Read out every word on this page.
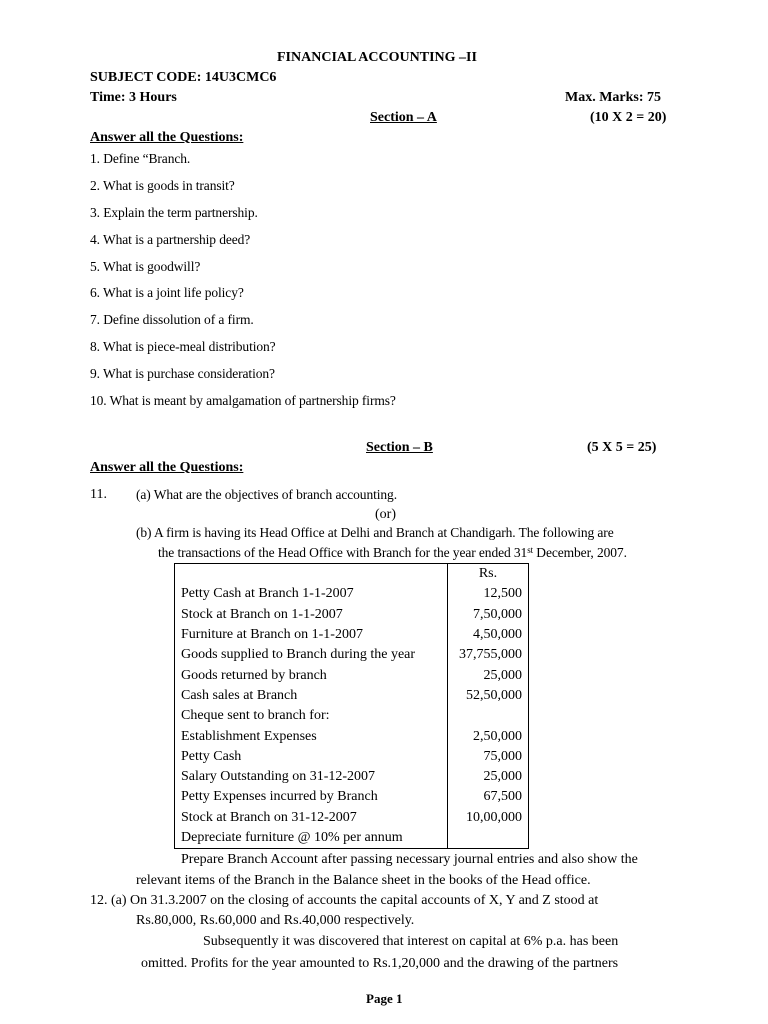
FINANCIAL ACCOUNTING –II
SUBJECT CODE: 14U3CMC6
Time: 3 Hours	Max. Marks: 75
Section – A	(10 X 2 = 20)
Answer all the Questions:
1. Define “Branch.
2. What is goods in transit?
3. Explain the term partnership.
4. What is a partnership deed?
5. What is goodwill?
6. What is a joint life policy?
7. Define dissolution of a firm.
8. What is piece-meal distribution?
9. What is purchase consideration?
10. What is meant by amalgamation of partnership firms?
Section – B	(5 X 5 = 25)
Answer all the Questions:
11. (a) What are the objectives of branch accounting.
(or)
(b) A firm is having its Head Office at Delhi and Branch at Chandigarh. The following are
the transactions of the Head Office with Branch for the year ended 31st December, 2007.
	Rs.
Petty Cash at Branch 1-1-2007	12,500
Stock at Branch on 1-1-2007	7,50,000
Furniture at Branch on 1-1-2007	4,50,000
Goods supplied to Branch during the year	37,755,000
Goods returned by branch	25,000
Cash sales at Branch	52,50,000
Cheque sent to branch for:	
Establishment Expenses	2,50,000
Petty Cash	75,000
Salary Outstanding on 31-12-2007	25,000
Petty Expenses incurred by Branch	67,500
Stock at Branch on 31-12-2007	10,00,000
Depreciate furniture @ 10% per annum	
Prepare Branch Account after passing necessary journal entries and also show the
relevant items of the Branch in the Balance sheet in the books of the Head office.
12. (a) On 31.3.2007 on the closing of accounts the capital accounts of X, Y and Z stood at
Rs.80,000, Rs.60,000 and Rs.40,000 respectively.
Subsequently it was discovered that interest on capital at 6% p.a. has been
omitted. Profits for the year amounted to Rs.1,20,000 and the drawing of the partners
Page 1
